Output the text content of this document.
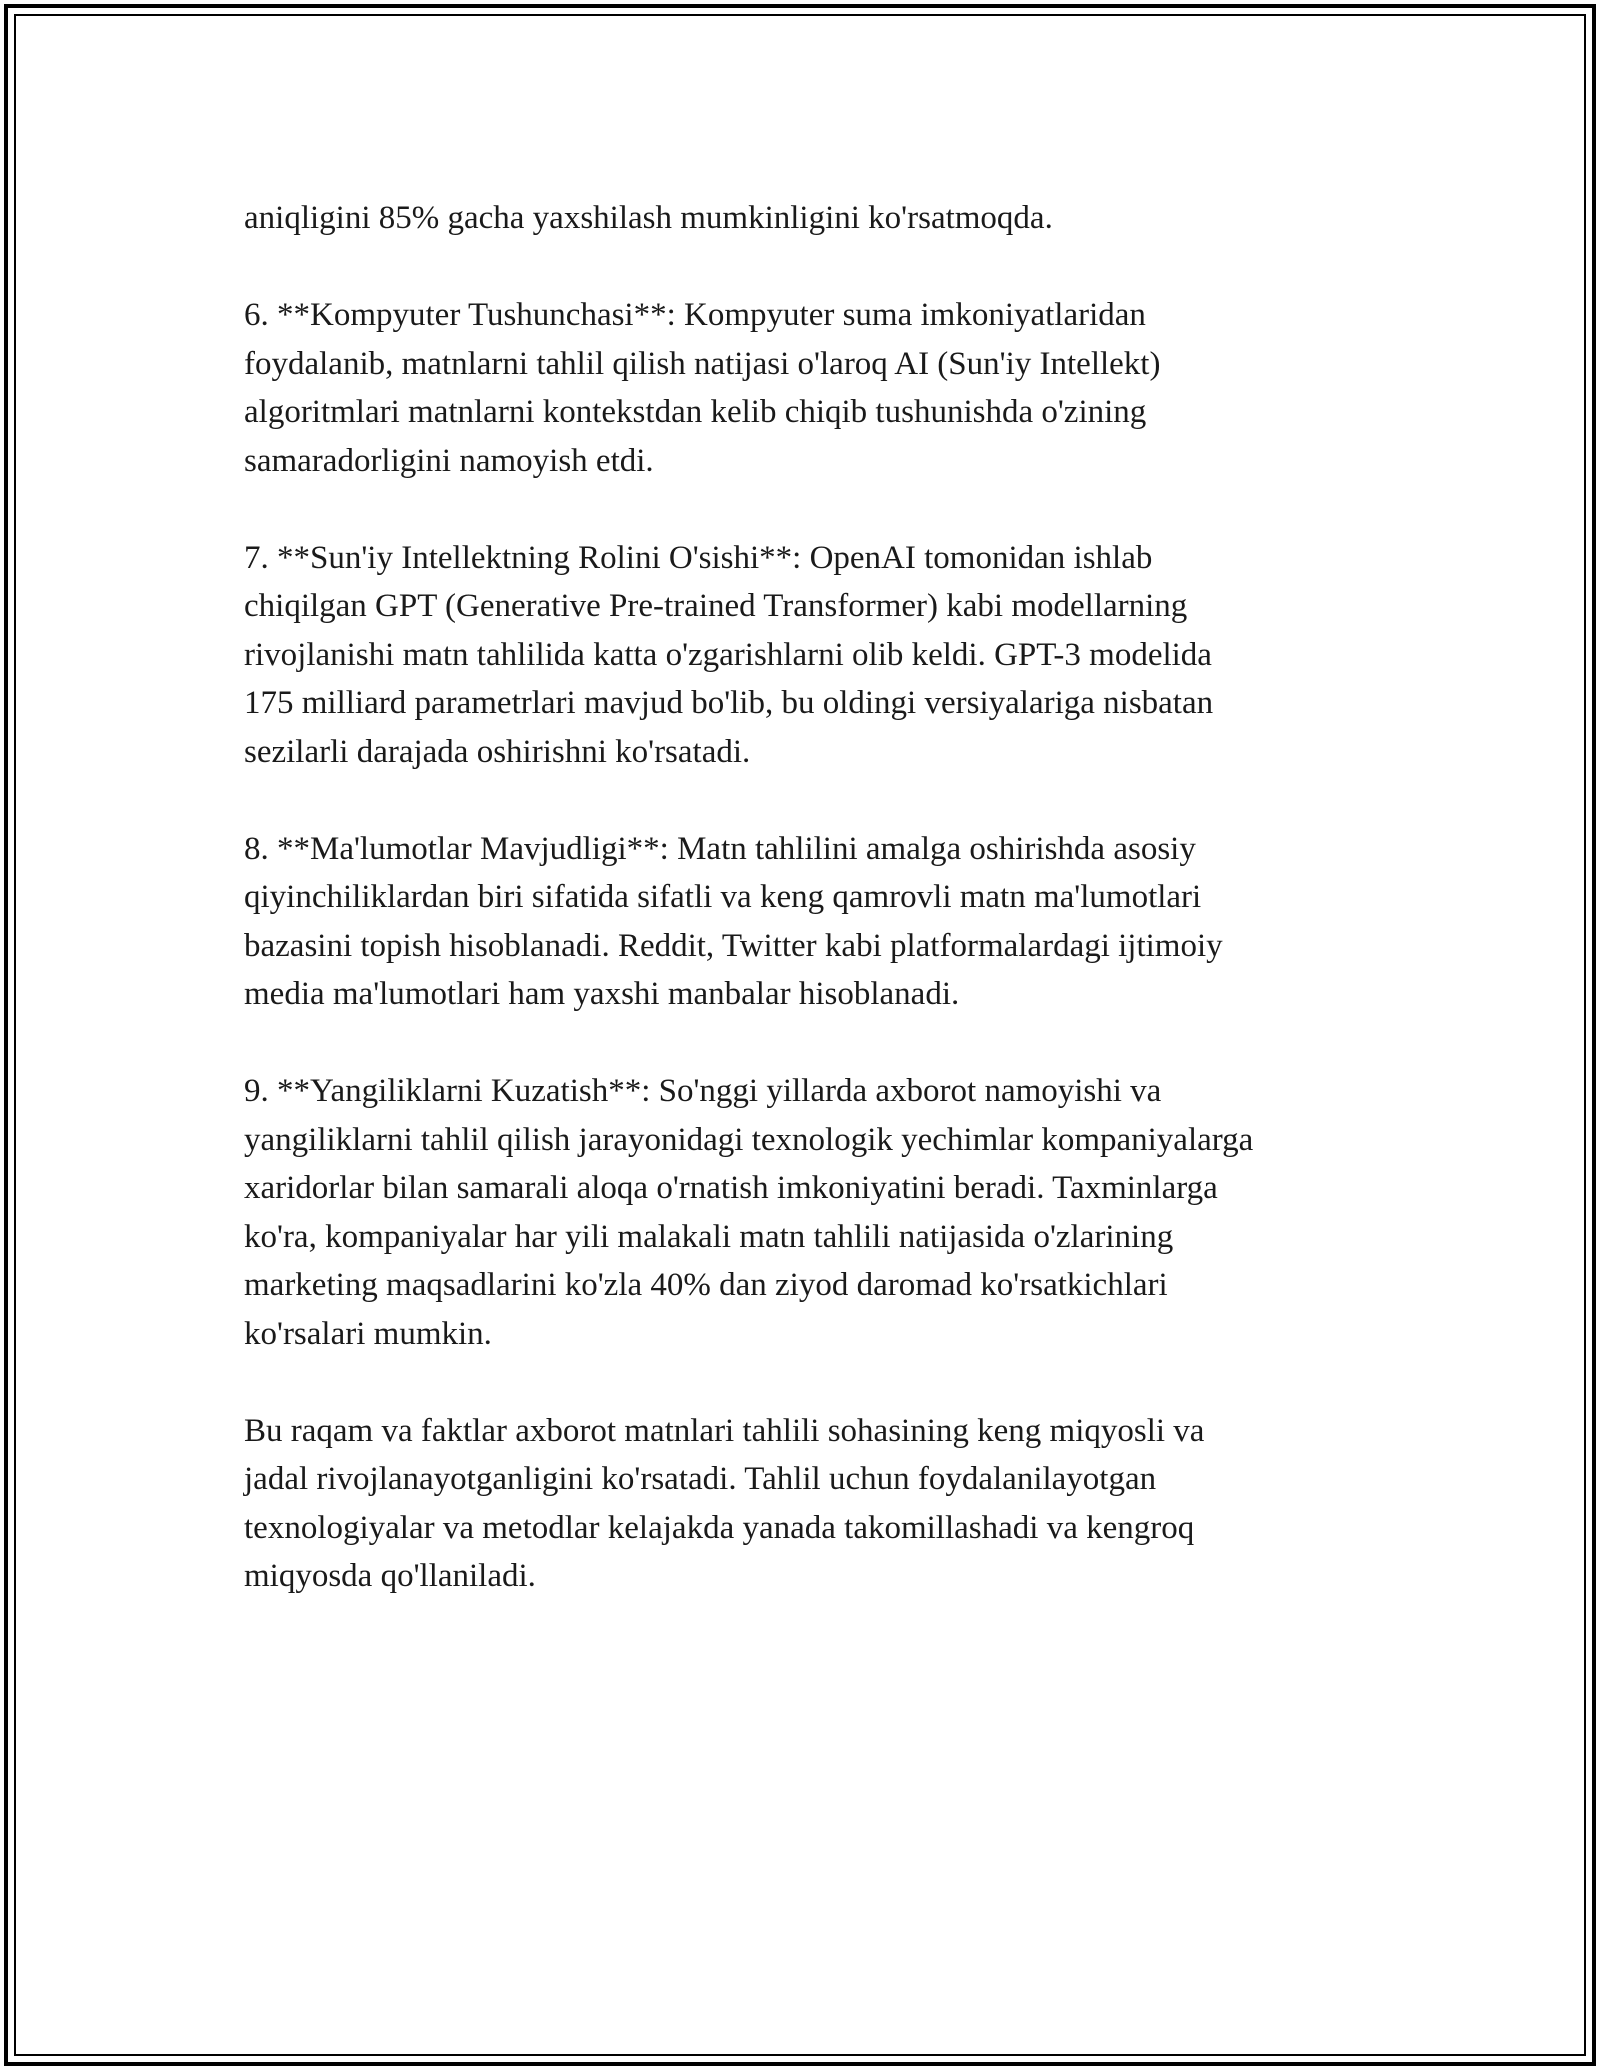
aniqligini 85% gacha yaxshilash mumkinligini ko'rsatmoqda.

6. **Kompyuter Tushunchasi**: Kompyuter suma imkoniyatlaridan
foydalanib, matnlarni tahlil qilish natijasi o'laroq AI (Sun'iy Intellekt)
algoritmlari matnlarni kontekstdan kelib chiqib tushunishda o'zining
samaradorligini namoyish etdi.

7. **Sun'iy Intellektning Rolini O'sishi**: OpenAI tomonidan ishlab
chiqilgan GPT (Generative Pre-trained Transformer) kabi modellarning
rivojlanishi matn tahlilida katta o'zgarishlarni olib keldi. GPT-3 modelida
175 milliard parametrlari mavjud bo'lib, bu oldingi versiyalariga nisbatan
sezilarli darajada oshirishni ko'rsatadi.

8. **Ma'lumotlar Mavjudligi**: Matn tahlilini amalga oshirishda asosiy
qiyinchiliklardan biri sifatida sifatli va keng qamrovli matn ma'lumotlari
bazasini topish hisoblanadi. Reddit, Twitter kabi platformalardagi ijtimoiy
media ma'lumotlari ham yaxshi manbalar hisoblanadi.

9. **Yangiliklarni Kuzatish**: So'nggi yillarda axborot namoyishi va
yangiliklarni tahlil qilish jarayonidagi texnologik yechimlar kompaniyalarga
xaridorlar bilan samarali aloqa o'rnatish imkoniyatini beradi. Taxminlarga
ko'ra, kompaniyalar har yili malakali matn tahlili natijasida o'zlarining
marketing maqsadlarini ko'zla 40% dan ziyod daromad ko'rsatkichlari
ko'rsalari mumkin.

Bu raqam va faktlar axborot matnlari tahlili sohasining keng miqyosli va
jadal rivojlanayotganligini ko'rsatadi. Tahlil uchun foydalanilayotgan
texnologiyalar va metodlar kelajakda yanada takomillashadi va kengroq
miqyosda qo'llaniladi.
